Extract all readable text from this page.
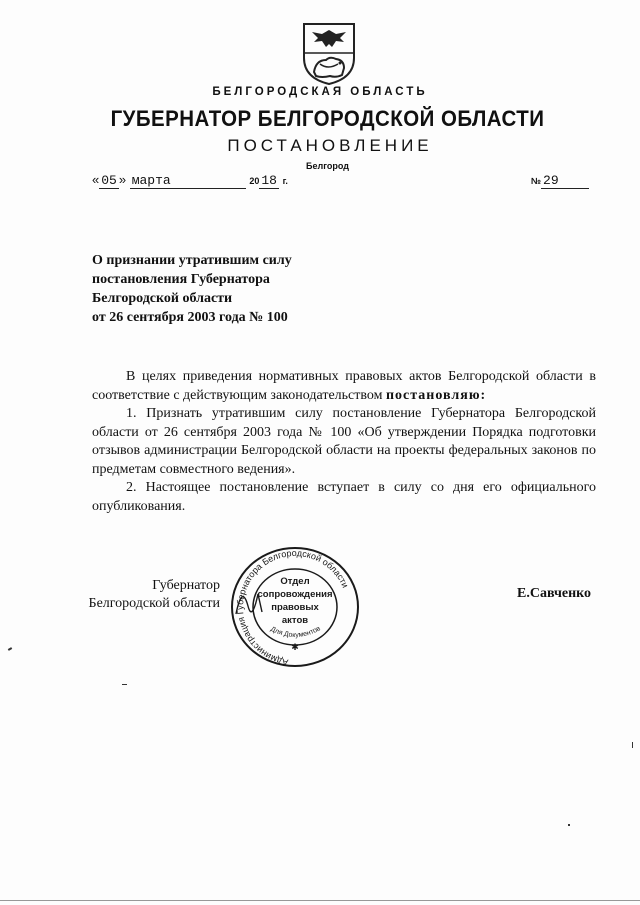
БЕЛГОРОДСКАЯ ОБЛАСТЬ
ГУБЕРНАТОР БЕЛГОРОДСКОЙ ОБЛАСТИ
ПОСТАНОВЛЕНИЕ
Белгород
« 05 » марта	20 18 г.	№ 29
О признании утратившим силу
постановления Губернатора
Белгородской области
от 26 сентября 2003 года № 100

В целях приведения нормативных правовых актов Белгородской области в соответствие с действующим законодательством постановляю:

1. Признать утратившим силу постановление Губернатора Белгородской области от 26 сентября 2003 года № 100 «Об утверждении Порядка подготовки отзывов администрации Белгородской области на проекты федеральных законов по предметам совместного ведения».

2. Настоящее постановление вступает в силу со дня его официального опубликования.

Губернатор
Белгородской области
Е.Савченко
Администрация Губернатора Белгородской области
Отдел
сопровождения
правовых
актов
Для Документов
✱
